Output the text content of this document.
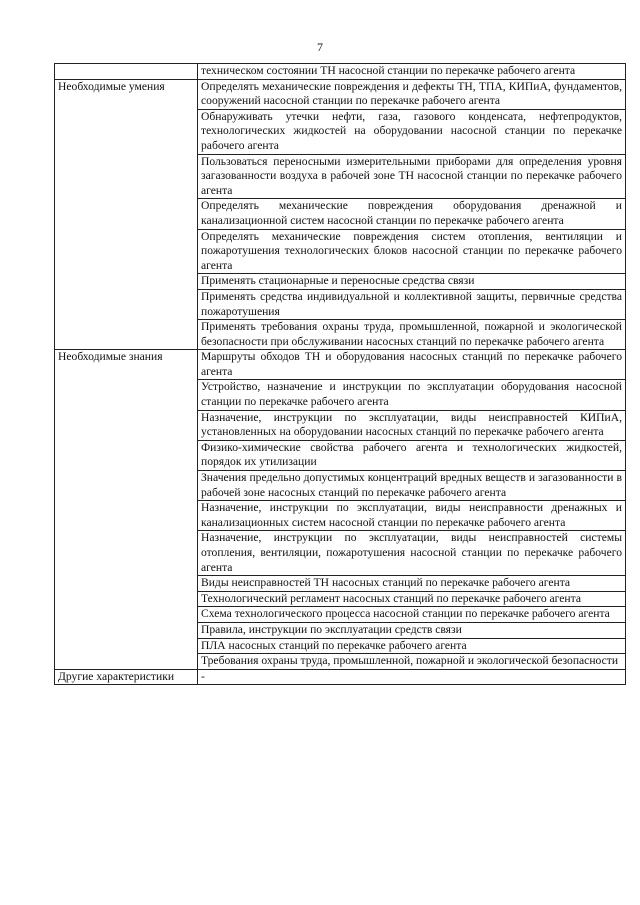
7
	техническом состоянии ТН насосной станции по перекачке рабочего агента
Необходимые умения	Определять механические повреждения и дефекты ТН, ТПА, КИПиА, фундаментов, сооружений насосной станции по перекачке рабочего агента
	Обнаруживать утечки нефти, газа, газового конденсата, нефтепродуктов, технологических жидкостей на оборудовании насосной станции по перекачке рабочего агента
	Пользоваться переносными измерительными приборами для определения уровня загазованности воздуха в рабочей зоне ТН насосной станции по перекачке рабочего агента
	Определять механические повреждения оборудования дренажной и канализационной систем насосной станции по перекачке рабочего агента
	Определять механические повреждения систем отопления, вентиляции и пожаротушения технологических блоков насосной станции по перекачке рабочего агента
	Применять стационарные и переносные средства связи
	Применять средства индивидуальной и коллективной защиты, первичные средства пожаротушения
	Применять требования охраны труда, промышленной, пожарной и экологической безопасности при обслуживании насосных станций по перекачке рабочего агента
Необходимые знания	Маршруты обходов ТН и оборудования насосных станций по перекачке рабочего агента
	Устройство, назначение и инструкции по эксплуатации оборудования насосной станции по перекачке рабочего агента
	Назначение, инструкции по эксплуатации, виды неисправностей КИПиА, установленных на оборудовании насосных станций по перекачке рабочего агента
	Физико-химические свойства рабочего агента и технологических жидкостей, порядок их утилизации
	Значения предельно допустимых концентраций вредных веществ и загазованности в рабочей зоне насосных станций по перекачке рабочего агента
	Назначение, инструкции по эксплуатации, виды неисправности дренажных и канализационных систем насосной станции по перекачке рабочего агента
	Назначение, инструкции по эксплуатации, виды неисправностей системы отопления, вентиляции, пожаротушения насосной станции по перекачке рабочего агента
	Виды неисправностей ТН насосных станций по перекачке рабочего агента
	Технологический регламент насосных станций по перекачке рабочего агента
	Схема технологического процесса насосной станции по перекачке рабочего агента
	Правила, инструкции по эксплуатации средств связи
	ПЛА насосных станций по перекачке рабочего агента
	Требования охраны труда, промышленной, пожарной и экологической безопасности
Другие характеристики	-
